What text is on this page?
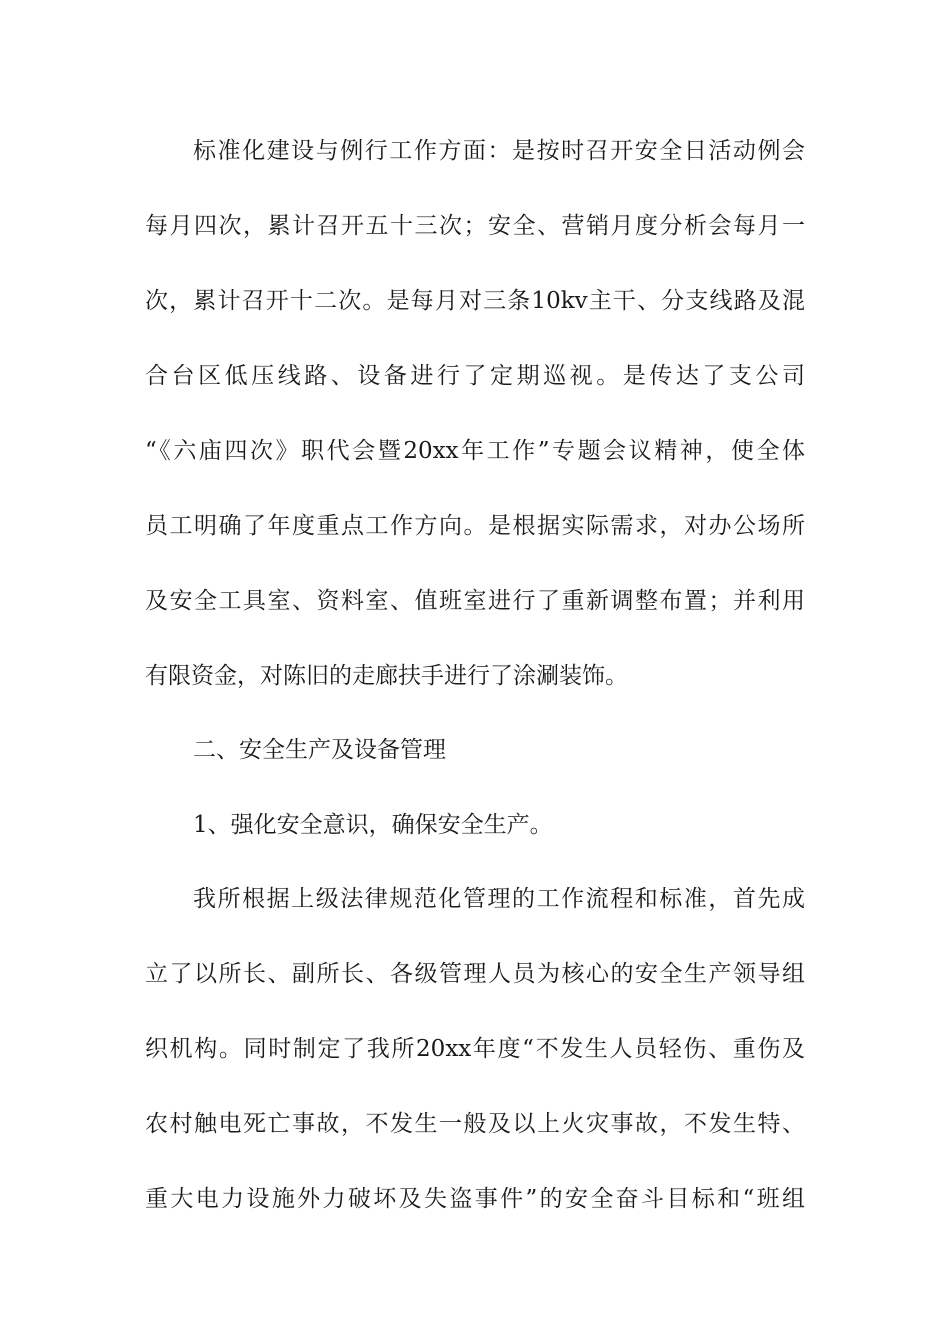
标准化建设与例行工作方面：是按时召开安全日活动例会
每月四次，累计召开五十三次；安全、营销月度分析会每月一
次，累计召开十二次。是每月对三条10kv主干、分支线路及混
合台区低压线路、设备进行了定期巡视。是传达了支公司
“《六庙四次》职代会暨20xx年工作”专题会议精神，使全体
员工明确了年度重点工作方向。是根据实际需求，对办公场所
及安全工具室、资料室、值班室进行了重新调整布置；并利用
有限资金，对陈旧的走廊扶手进行了涂涮装饰。
二、安全生产及设备管理
1、强化安全意识，确保安全生产。
我所根据上级法律规范化管理的工作流程和标准，首先成
立了以所长、副所长、各级管理人员为核心的安全生产领导组
织机构。同时制定了我所20xx年度“不发生人员轻伤、重伤及
农村触电死亡事故，不发生一般及以上火灾事故，不发生特、
重大电力设施外力破坏及失盗事件”的安全奋斗目标和“班组
